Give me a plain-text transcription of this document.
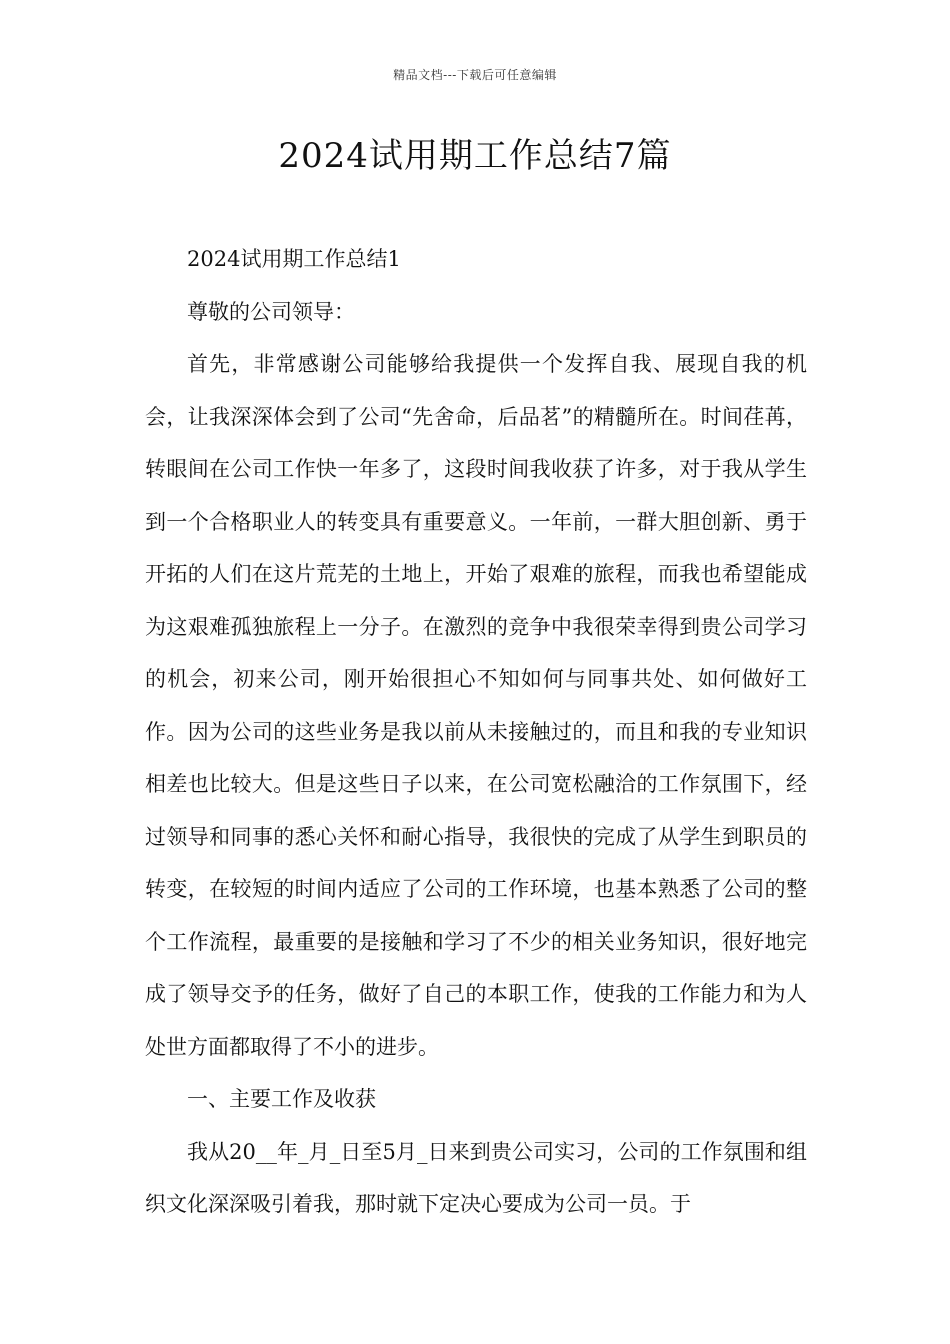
精品文档---下载后可任意编辑
2024试用期工作总结7篇

2024试用期工作总结1

尊敬的公司领导：

首先，非常感谢公司能够给我提供一个发挥自我、展现自我的机会，让我深深体会到了公司“先舍命，后品茗”的精髓所在。时间荏苒，转眼间在公司工作快一年多了，这段时间我收获了许多，对于我从学生到一个合格职业人的转变具有重要意义。一年前，一群大胆创新、勇于开拓的人们在这片荒芜的土地上，开始了艰难的旅程，而我也希望能成为这艰难孤独旅程上一分子。在激烈的竞争中我很荣幸得到贵公司学习的机会，初来公司，刚开始很担心不知如何与同事共处、如何做好工作。因为公司的这些业务是我以前从未接触过的，而且和我的专业知识相差也比较大。但是这些日子以来，在公司宽松融洽的工作氛围下，经过领导和同事的悉心关怀和耐心指导，我很快的完成了从学生到职员的转变，在较短的时间内适应了公司的工作环境，也基本熟悉了公司的整个工作流程，最重要的是接触和学习了不少的相关业务知识，很好地完成了领导交予的任务，做好了自己的本职工作，使我的工作能力和为人处世方面都取得了不小的进步。

一、主要工作及收获

我从20__年_月_日至5月_日来到贵公司实习，公司的工作氛围和组织文化深深吸引着我，那时就下定决心要成为公司一员。于
